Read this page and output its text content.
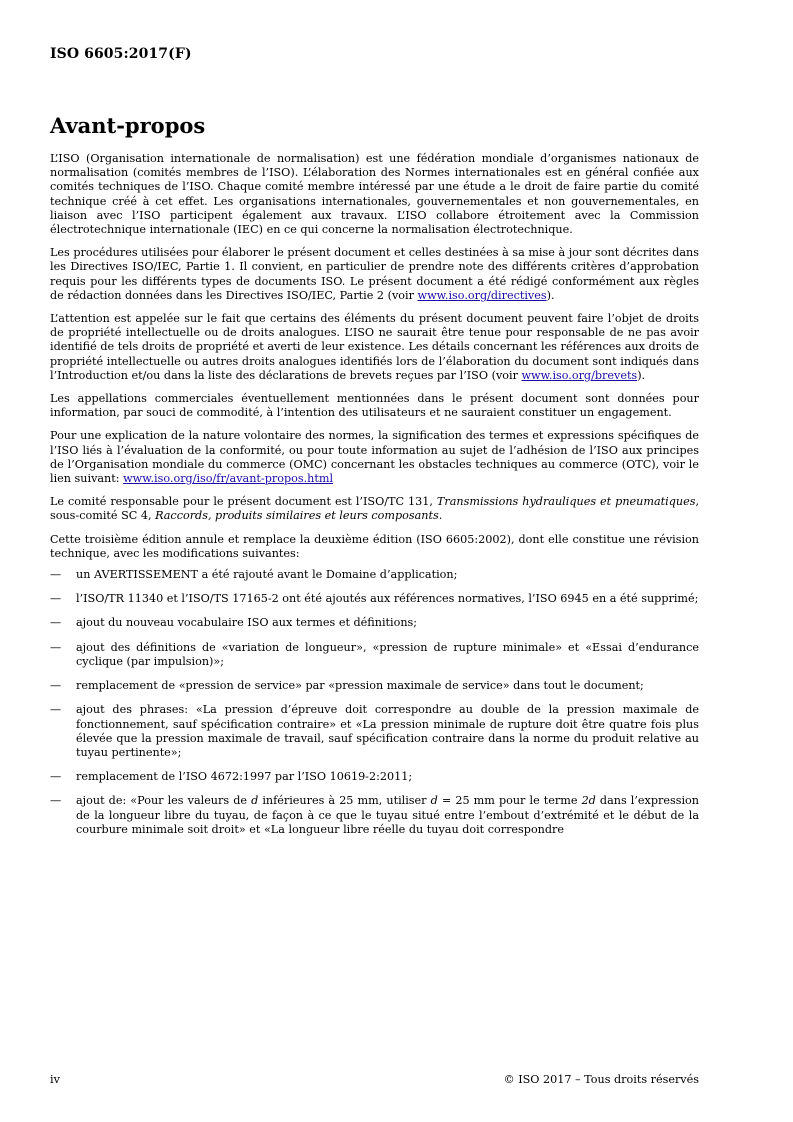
ISO 6605:2017(F)
Avant-propos

L’ISO (Organisation internationale de normalisation) est une fédération mondiale d’organismes nationaux de normalisation (comités membres de l’ISO). L’élaboration des Normes internationales est en général confiée aux comités techniques de l’ISO. Chaque comité membre intéressé par une étude a le droit de faire partie du comité technique créé à cet effet. Les organisations internationales, gouvernementales et non gouvernementales, en liaison avec l’ISO participent également aux travaux. L’ISO collabore étroitement avec la Commission électrotechnique internationale (IEC) en ce qui concerne la normalisation électrotechnique.

Les procédures utilisées pour élaborer le présent document et celles destinées à sa mise à jour sont décrites dans les Directives ISO/IEC, Partie 1. Il convient, en particulier de prendre note des différents critères d’approbation requis pour les différents types de documents ISO. Le présent document a été rédigé conformément aux règles de rédaction données dans les Directives ISO/IEC, Partie 2 (voir www.iso.org/directives).

L’attention est appelée sur le fait que certains des éléments du présent document peuvent faire l’objet de droits de propriété intellectuelle ou de droits analogues. L’ISO ne saurait être tenue pour responsable de ne pas avoir identifié de tels droits de propriété et averti de leur existence. Les détails concernant les références aux droits de propriété intellectuelle ou autres droits analogues identifiés lors de l’élaboration du document sont indiqués dans l’Introduction et/ou dans la liste des déclarations de brevets reçues par l’ISO (voir www.iso.org/brevets).

Les appellations commerciales éventuellement mentionnées dans le présent document sont données pour information, par souci de commodité, à l’intention des utilisateurs et ne sauraient constituer un engagement.

Pour une explication de la nature volontaire des normes, la signification des termes et expressions spécifiques de l’ISO liés à l’évaluation de la conformité, ou pour toute information au sujet de l’adhésion de l’ISO aux principes de l’Organisation mondiale du commerce (OMC) concernant les obstacles techniques au commerce (OTC), voir le lien suivant: www.iso.org/iso/fr/avant-propos.html

Le comité responsable pour le présent document est l’ISO/TC 131, Transmissions hydrauliques et pneumatiques, sous-comité SC 4, Raccords, produits similaires et leurs composants.

Cette troisième édition annule et remplace la deuxième édition (ISO 6605:2002), dont elle constitue une révision technique, avec les modifications suivantes:

— un AVERTISSEMENT a été rajouté avant le Domaine d’application;
— l’ISO/TR 11340 et l’ISO/TS 17165-2 ont été ajoutés aux références normatives, l’ISO 6945 en a été supprimé;
— ajout du nouveau vocabulaire ISO aux termes et définitions;
— ajout des définitions de «variation de longueur», «pression de rupture minimale» et «Essai d’endurance cyclique (par impulsion)»;
— remplacement de «pression de service» par «pression maximale de service» dans tout le document;
— ajout des phrases: «La pression d’épreuve doit correspondre au double de la pression maximale de fonctionnement, sauf spécification contraire» et «La pression minimale de rupture doit être quatre fois plus élevée que la pression maximale de travail, sauf spécification contraire dans la norme du produit relative au tuyau pertinente»;
— remplacement de l’ISO 4672:1997 par l’ISO 10619-2:2011;
— ajout de: «Pour les valeurs de d inférieures à 25 mm, utiliser d = 25 mm pour le terme 2d dans l’expression de la longueur libre du tuyau, de façon à ce que le tuyau situé entre l’embout d’extrémité et le début de la courbure minimale soit droit» et «La longueur libre réelle du tuyau doit correspondre
iv	© ISO 2017 – Tous droits réservés
